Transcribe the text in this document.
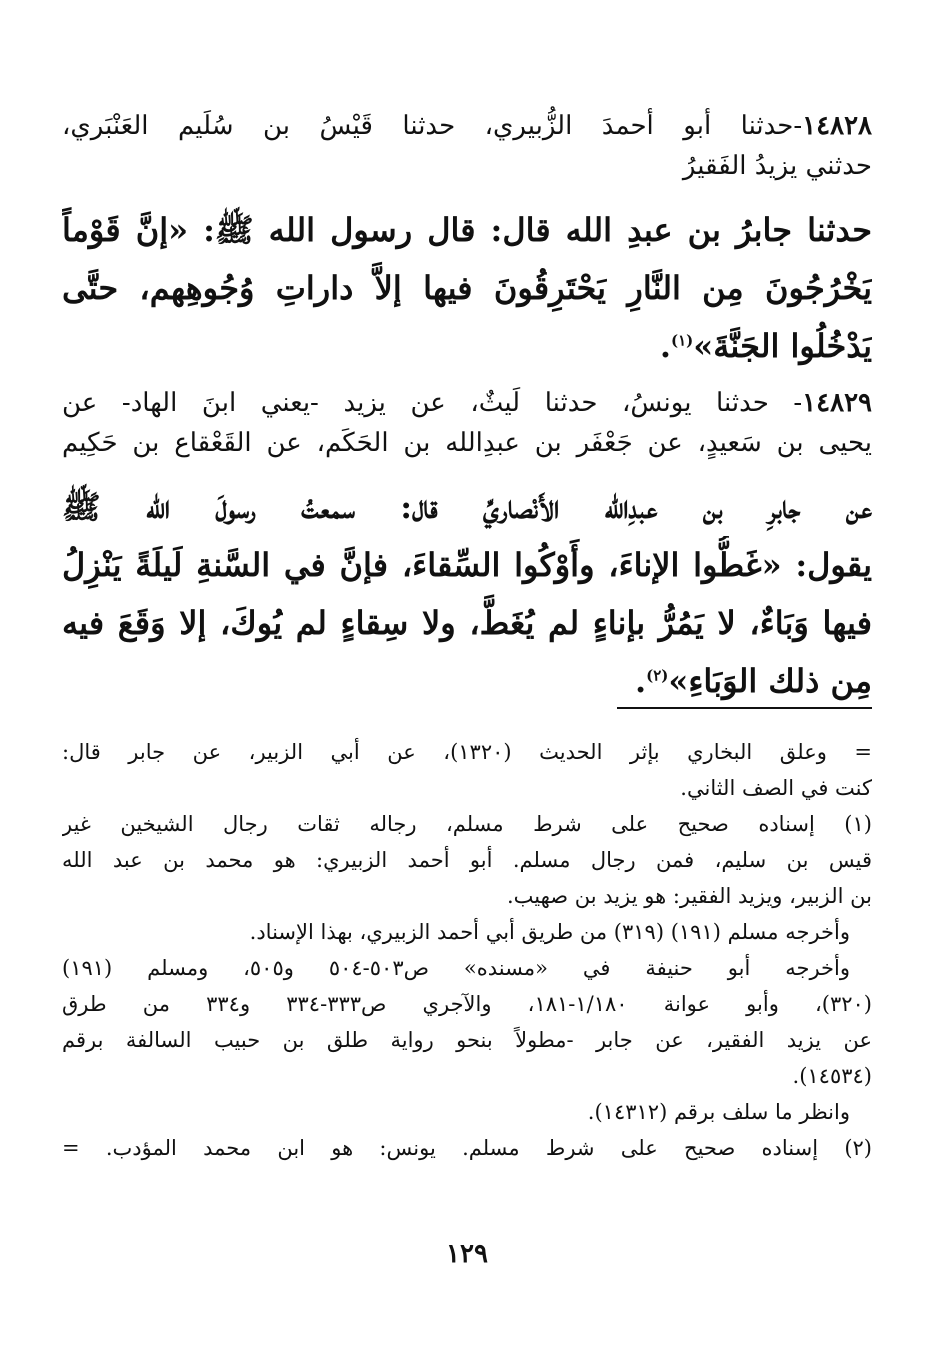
١٤٨٢٨-حدثنا أبو أحمدَ الزُّبيري، حدثنا قَيْسُ بن سُلَيم العَنْبَري،
حدثني يزيدُ الفَقيرُ
حدثنا جابرُ بن عبدِ الله قال: قال رسول الله ﷺ: «إنَّ قَوْماً
يَخْرُجُونَ مِن النَّارِ يَحْتَرِقُونَ فيها إلاَّ داراتِ وُجُوهِهم، حتَّى
يَدْخُلُوا الجَنَّةَ»$^{(١)}$.
١٤٨٢٩- حدثنا يونسُ، حدثنا لَيثٌ، عن يزيد -يعني ابنَ الهاد- عن
يحيى بن سَعيدٍ، عن جَعْفَر بن عبدِالله بن الحَكَم، عن القَعْقاع بن حَكِيم
عن جابرِ بن عبدِالله الأَنْصاريِّ قال: سمعتُ رسولَ الله ﷺ
يقول: «غَطُّوا الإناءَ، وأَوْكُوا السِّقاءَ، فإنَّ في السَّنةِ لَيلَةً يَنْزِلُ
فيها وَبَاءٌ، لا يَمُرُّ بإناءٍ لم يُغَطَّ، ولا سِقاءٍ لم يُوكَ، إلا وَقَعَ فيه
مِن ذلك الوَبَاءِ»$^{(٢)}$.
= وعلق البخاري بإثر الحديث (١٣٢٠)، عن أبي الزبير، عن جابر قال:
كنت في الصف الثاني.
(١) إسناده صحيح على شرط مسلم، رجاله ثقات رجال الشيخين غير
قيس بن سليم، فمن رجال مسلم. أبو أحمد الزبيري: هو محمد بن عبد الله
بن الزبير، ويزيد الفقير: هو يزيد بن صهيب.
وأخرجه مسلم (١٩١) (٣١٩) من طريق أبي أحمد الزبيري، بهذا الإسناد.
وأخرجه أبو حنيفة في «مسنده» ص٥٠٣-٥٠٤ و٥٠٥، ومسلم (١٩١)
(٣٢٠)، وأبو عوانة ١/١٨٠-١٨١، والآجري ص٣٣٣-٣٣٤ و٣٣٤ من طرق
عن يزيد الفقير، عن جابر -مطولاً بنحو رواية طلق بن حبيب السالفة برقم
(١٤٥٣٤).
وانظر ما سلف برقم (١٤٣١٢).
(٢) إسناده صحيح على شرط مسلم. يونس: هو ابن محمد المؤدب. =
١٢٩
